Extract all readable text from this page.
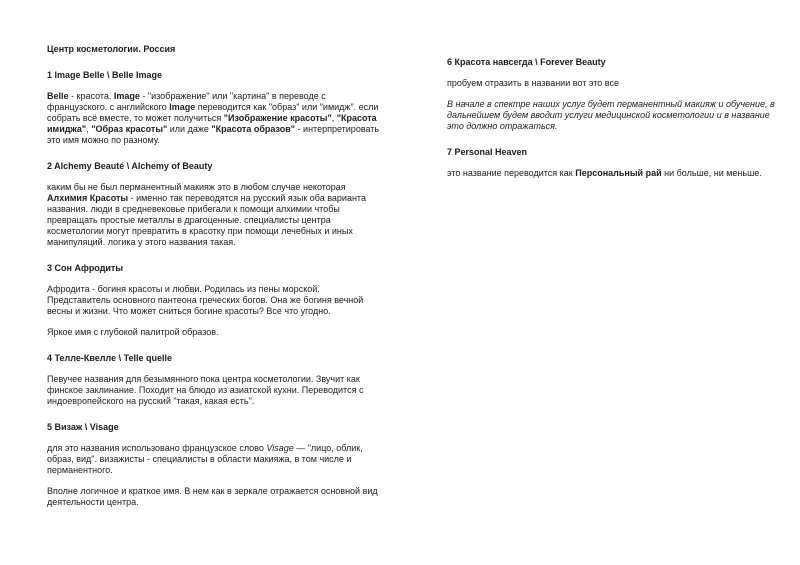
Центр косметологии. Россия
1 Image Belle \ Belle Image
Belle - красота. Image - "изображение" или "картина" в переводе с французского. с английского Image переводится как "образ" или "имидж". если собрать всё вместе, то может получиться "Изображение красоты", "Красота имиджа", "Образ красоты" или даже "Красота образов" - интерпретировать это имя можно по разному.
2 Alchemy Beauté \ Alchemy of Beauty
каким бы не был перманентный макияж это в любом случае некоторая Алхимия Красоты - именно так переводятся на русский язык оба варианта названия. люди в средневековье прибегали к помощи алхимии чтобы превращать простые металлы в драгоценные. специалисты центра косметологии могут превратить в красотку при помощи лечебных и иных манипуляций. логика у этого названия такая.
3 Сон Афродиты
Афродита - богиня красоты и любви. Родилась из пены морской. Представитель основного пантеона греческих богов. Она же богиня вечной весны и жизни. Что может сниться богине красоты? Все что угодно.
Яркое имя с глубокой палитрой образов.
4 Телле-Квелле \ Telle quelle
Певучее названия для безымянного пока центра косметологии. Звучит как финское заклинание. Походит на блюдо из азиатской кухни. Переводится с индоевропейского на русский "такая, какая есть".
5 Визаж \ Visage
для это названия использовано французское слово Visage — "лицо, облик, образ, вид". визажисты - специалисты в области макияжа, в том числе и перманентного.
Вполне логичное и краткое имя. В нем как в зеркале отражается основной вид деятельности центра.
6 Красота навсегда \ Forever Beauty
пробуем отразить в названии вот это все
В начале в спектре наших услуг будет перманентный макияж и обучение, в дальнейшем будем вводит услуги медицинской косметологии и в название это должно отражаться.
7 Personal Heaven
это название переводится как Персональный рай ни больше, ни меньше.
